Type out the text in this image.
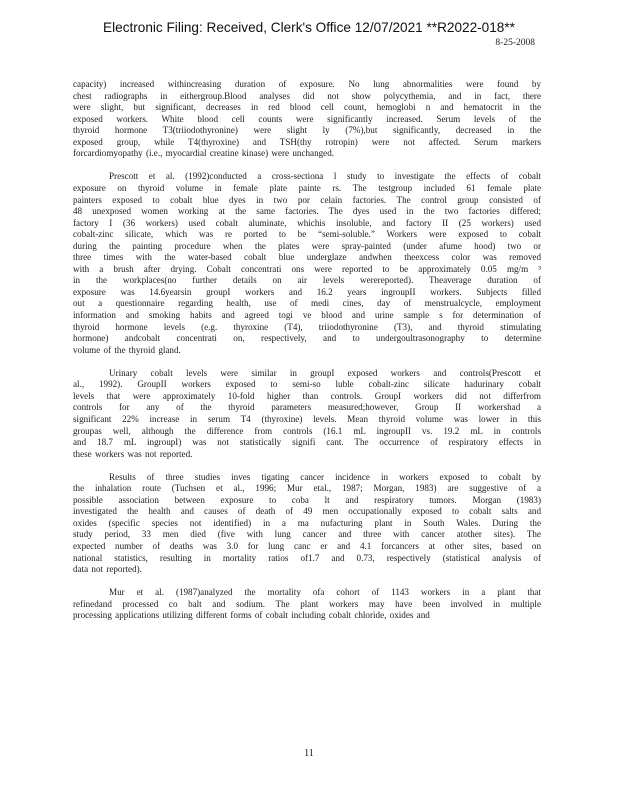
Electronic Filing: Received, Clerk's Office 12/07/2021 **R2022-018**
8-25-2008
capacity) increased withincreasing duration of exposure. No lung abnormalities were found by
chest radiographs in eithergroup.Blood analyses did not show polycythemia, and in fact, there
were slight, but significant, decreases in red blood cell count, hemoglobi n and hematocrit in the
exposed workers. White blood cell counts were significantly increased. Serum levels of the
thyroid hormone T3(triiodothyronine) were slight ly (7%),but significantly, decreased in the
exposed group, while T4(thyroxine) and TSH(thy rotropin) were not affected. Serum markers
forcardiomyopathy (i.e., myocardial creatine kinase) were unchanged.
Prescott et al. (1992)conducted a cross-sectiona l study to investigate the effects of cobalt
exposure on thyroid volume in female plate painte rs. The testgroup included 61 female plate
painters exposed to cobalt blue dyes in two por celain factories. The control group consisted of
48 unexposed women working at the same factories. The dyes used in the two factories differed;
factory I (36 workers) used cobalt aluminate, whichis insoluble, and factory II (25 workers) used
cobalt-zinc silicate, which was re ported to be “semi-soluble.” Workers were exposed to cobalt
during the painting procedure when the plates were spray-painted (under afume hood) two or
three times with the water-based cobalt blue underglaze andwhen theexcess color was removed
with a brush after drying. Cobalt concentrati ons were reported to be approximately 0.05 mg/m ³
in the workplaces(no further details on air levels werereported). Theaverage duration of
exposure was 14.6yearsin groupI workers and 16.2 years ingroupII workers. Subjects filled
out a questionnaire regarding health, use of medi cines, day of menstrualcycle, employment
information and smoking habits and agreed togi ve blood and urine sample s for determination of
thyroid hormone levels (e.g. thyroxine (T4), triiodothyronine (T3), and thyroid stimulating
hormone) andcobalt concentrati on, respectively, and to undergoultrasonography to determine
volume of the thyroid gland.
Urinary cobalt levels were similar in groupI exposed workers and controls(Prescott et
al., 1992). GroupII workers exposed to semi-so luble cobalt-zinc silicate hadurinary cobalt
levels that were approximately 10-fold higher than controls. GroupI workers did not differfrom
controls for any of the thyroid parameters measured;however, Group II workershad a
significant 22% increase in serum T4 (thyroxine) levels. Mean thyroid volume was lower in this
groupas well, although the difference from controls (16.1 mL ingroupII vs. 19.2 mL in controls
and 18.7 mL ingroupI) was not statistically signifi cant. The occurrence of respiratory effects in
these workers was not reported.
Results of three studies inves tigating cancer incidence in workers exposed to cobalt by
the inhalation route (Tuchsen et al., 1996; Mur etal., 1987; Morgan, 1983) are suggestive of a
possible association between exposure to coba lt and respiratory tumors. Morgan (1983)
investigated the health and causes of death of 49 men occupationally exposed to cobalt salts and
oxides (specific species not identified) in a ma nufacturing plant in South Wales. During the
study period, 33 men died (five with lung cancer and three with cancer atother sites). The
expected number of deaths was 3.0 for lung canc er and 4.1 forcancers at other sites, based on
national statistics, resulting in mortality ratios of1.7 and 0.73, respectively (statistical analysis of
data not reported).
Mur et al. (1987)analyzed the mortality ofa cohort of 1143 workers in a plant that
refinedand processed co balt and sodium. The plant workers may have been involved in multiple
processing applications utilizing different forms of cobalt including cobalt chloride, oxides and
11
